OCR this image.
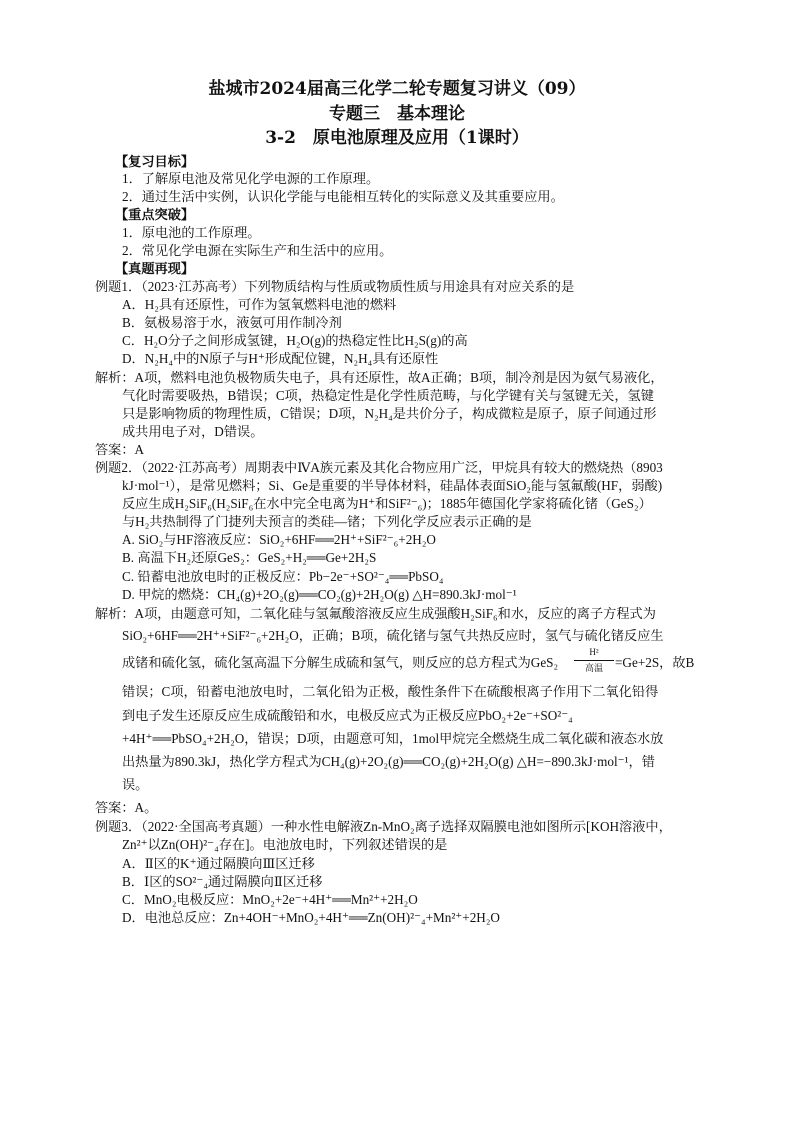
盐城市2024届高三化学二轮专题复习讲义（09）
专题三　基本理论
3-2　原电池原理及应用（1课时）
【复习目标】
1．了解原电池及常见化学电源的工作原理。
2．通过生活中实例，认识化学能与电能相互转化的实际意义及其重要应用。
【重点突破】
1．原电池的工作原理。
2．常见化学电源在实际生产和生活中的应用。
【真题再现】
例题1．（2023·江苏高考）下列物质结构与性质或物质性质与用途具有对应关系的是
A．H₂具有还原性，可作为氢氧燃料电池的燃料
B．氨极易溶于水，液氨可用作制冷剂
C．H₂O分子之间形成氢键，H₂O(g)的热稳定性比H₂S(g)的高
D．N₂H₄中的N原子与H⁺形成配位键，N₂H₄具有还原性
解析：A项，燃料电池负极物质失电子，具有还原性，故A正确；B项，制冷剂是因为氨气易液化，
气化时需要吸热，B错误；C项，热稳定性是化学性质范畴，与化学键有关与氢键无关，氢键
只是影响物质的物理性质，C错误；D项，N₂H₄是共价分子，构成微粒是原子，原子间通过形
成共用电子对，D错误。
答案：A
例题2．（2022·江苏高考）周期表中ⅣA族元素及其化合物应用广泛，甲烷具有较大的燃烧热（8903
kJ·mol⁻¹），是常见燃料；Si、Ge是重要的半导体材料，硅晶体表面SiO₂能与氢氟酸(HF，弱酸)
反应生成H₂SiF₆(H₂SiF₆在水中完全电离为H⁺和SiF²⁻₆)；1885年德国化学家将硫化锗（GeS₂）
与H₂共热制得了门捷列夫预言的类硅—锗；下列化学反应表示正确的是
A. SiO₂与HF溶液反应：SiO₂+6HF══2H⁺+SiF²⁻₆+2H₂O
B. 高温下H₂还原GeS₂：GeS₂+H₂══Ge+2H₂S
C. 铅蓄电池放电时的正极反应：Pb−2e⁻+SO²⁻₄══PbSO₄
D. 甲烷的燃烧：CH₄(g)+2O₂(g)══CO₂(g)+2H₂O(g) △H=890.3kJ·mol⁻¹
解析：A项，由题意可知，二氧化硅与氢氟酸溶液反应生成强酸H₂SiF₆和水，反应的离子方程式为
SiO₂+6HF══2H⁺+SiF²⁻₆+2H₂O，正确；B项，硫化锗与氢气共热反应时，氢气与硫化锗反应生
成锗和硫化氢，硫化氢高温下分解生成硫和氢气，则反应的总方程式为GeS₂
H²
高温 =Ge+2S，故B
错误；C项，铅蓄电池放电时，二氧化铅为正极，酸性条件下在硫酸根离子作用下二氧化铅得
到电子发生还原反应生成硫酸铅和水，电极反应式为正极反应PbO₂+2e⁻+SO²⁻₄
+4H⁺══PbSO₄+2H₂O，错误；D项，由题意可知，1mol甲烷完全燃烧生成二氧化碳和液态水放
出热量为890.3kJ，热化学方程式为CH₄(g)+2O₂(g)══CO₂(g)+2H₂O(g) △H=−890.3kJ·mol⁻¹，错
误。
答案：A。
例题3．（2022·全国高考真题）一种水性电解液Zn-MnO₂离子选择双隔膜电池如图所示[KOH溶液中，
Zn²⁺以Zn(OH)²⁻₄存在]。电池放电时，下列叙述错误的是
A．Ⅱ区的K⁺通过隔膜向Ⅲ区迁移
B．Ⅰ区的SO²⁻₄通过隔膜向Ⅱ区迁移
C．MnO₂电极反应：MnO₂+2e⁻+4H⁺══Mn²⁺+2H₂O
D．电池总反应：Zn+4OH⁻+MnO₂+4H⁺══Zn(OH)²⁻₄+Mn²⁺+2H₂O
